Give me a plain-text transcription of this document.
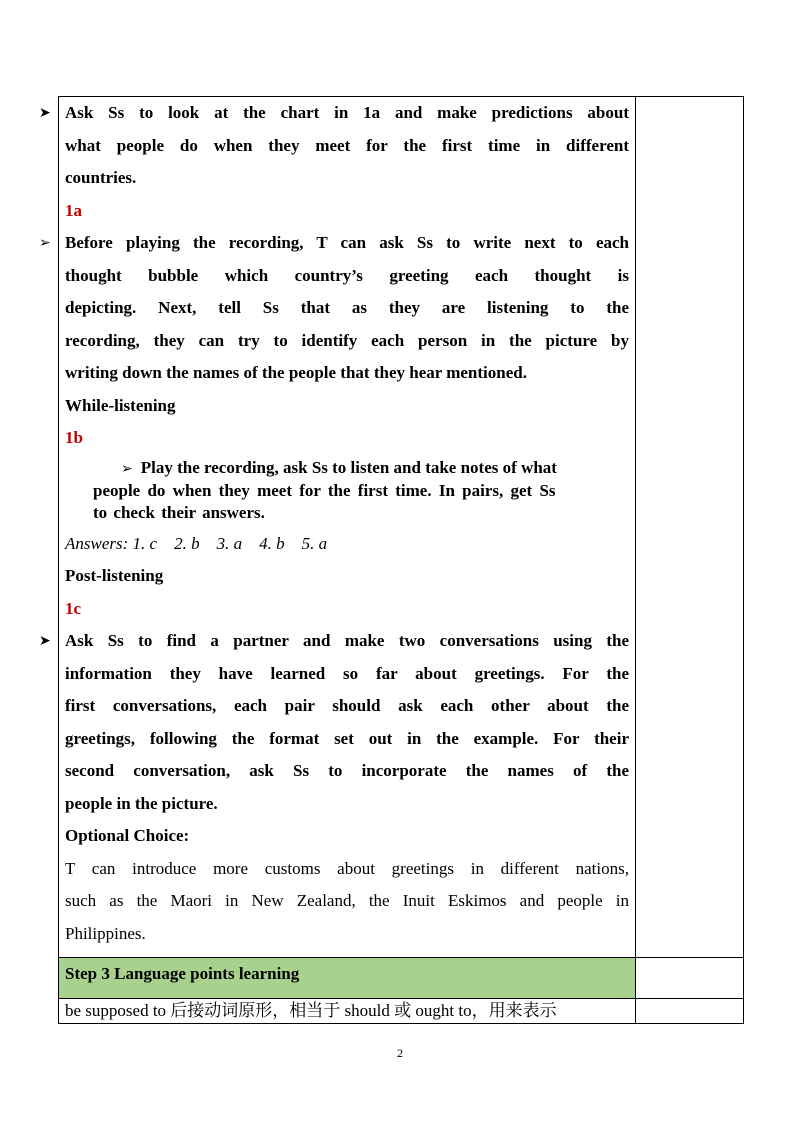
➤ Ask Ss to look at the chart in 1a and make predictions about
what people do when they meet for the first time in different
countries.
1a
➢ Before playing the recording, T can ask Ss to write next to each
thought bubble which country’s greeting each thought is
depicting. Next, tell Ss that as they are listening to the
recording, they can try to identify each person in the picture by
writing down the names of the people that they hear mentioned.
While-listening
1b
➢ Play the recording, ask Ss to listen and take notes of what
people do when they meet for the first time. In pairs, get Ss
to check their answers.
Answers: 1. c    2. b    3. a    4. b    5. a
Post-listening
1c
➤ Ask Ss to find a partner and make two conversations using the
information they have learned so far about greetings. For the
first conversations, each pair should ask each other about the
greetings, following the format set out in the example. For their
second conversation, ask Ss to incorporate the names of the
people in the picture.
Optional Choice:
T can introduce more customs about greetings in different nations,
such as the Maori in New Zealand, the Inuit Eskimos and people in
Philippines.
Step 3 Language points learning
be supposed to 后接动词原形，相当于 should 或 ought to，用来表示
2
